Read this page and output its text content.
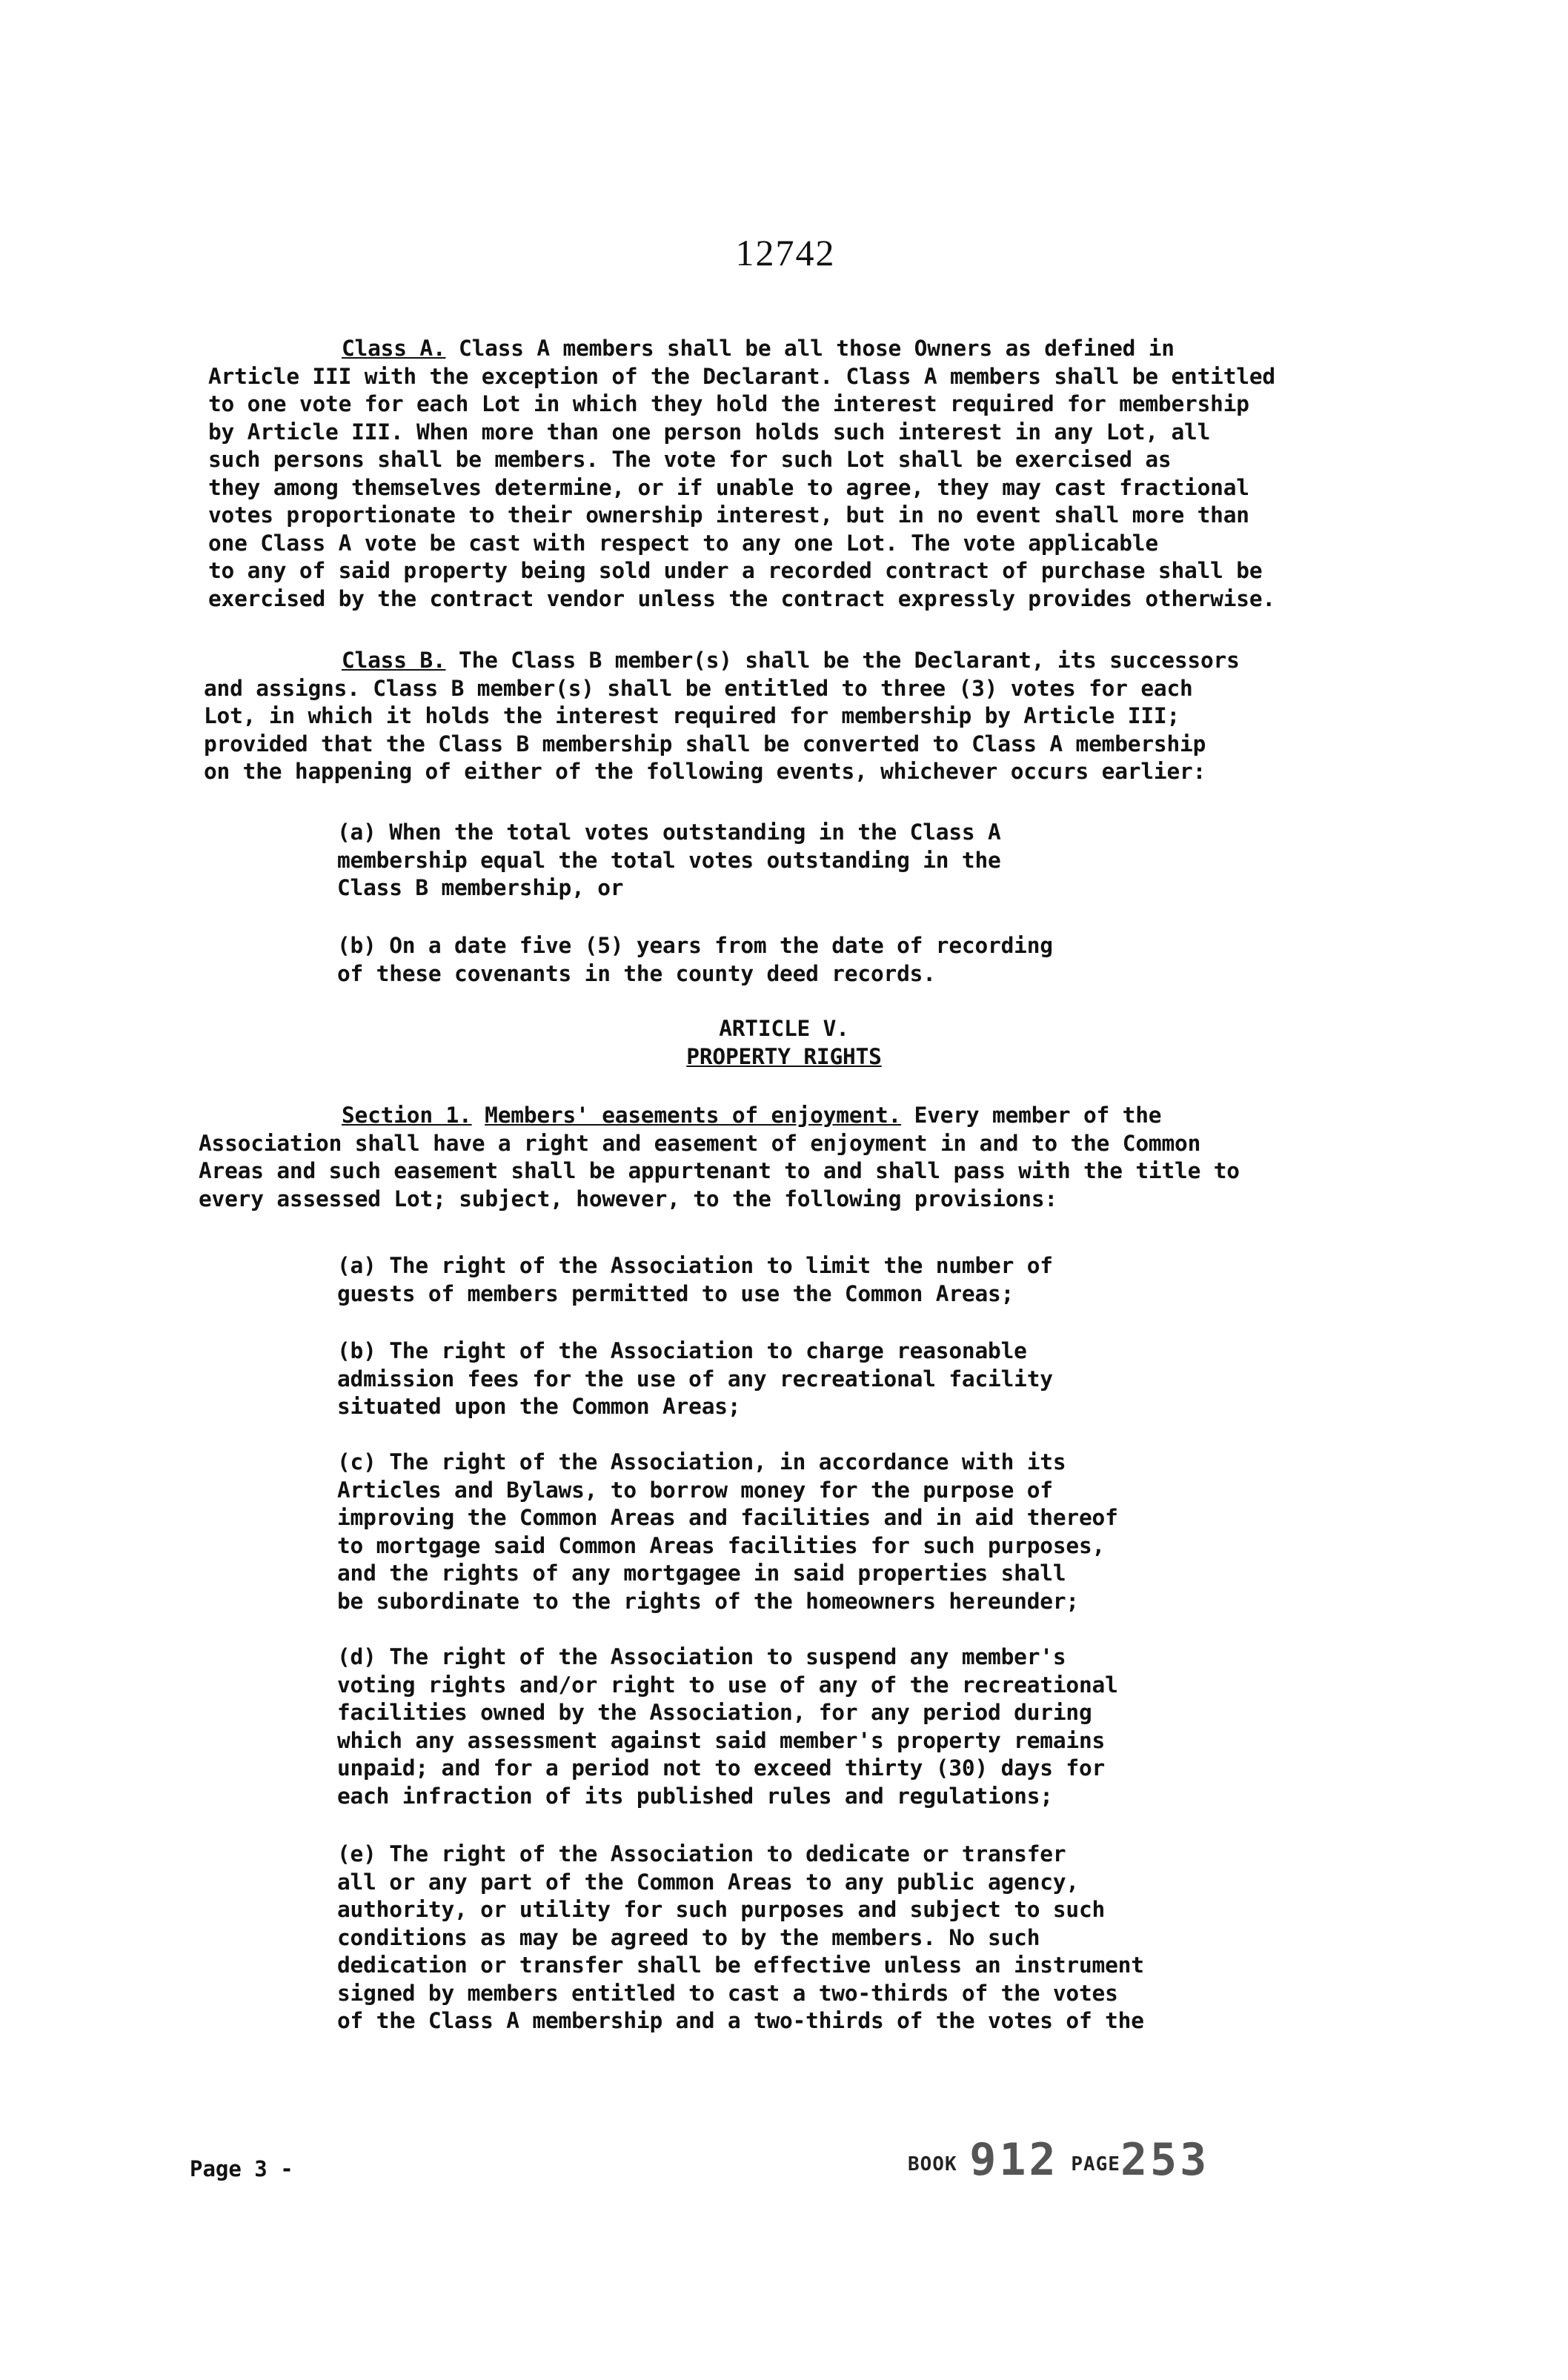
12742

Class A. Class A members shall be all those Owners as defined in

Article III with the exception of the Declarant. Class A members shall be entitled

to one vote for each Lot in which they hold the interest required for membership

by Article III. When more than one person holds such interest in any Lot, all

such persons shall be members. The vote for such Lot shall be exercised as

they among themselves determine, or if unable to agree, they may cast fractional

votes proportionate to their ownership interest, but in no event shall more than

one Class A vote be cast with respect to any one Lot. The vote applicable

to any of said property being sold under a recorded contract of purchase shall be

exercised by the contract vendor unless the contract expressly provides otherwise.

Class B. The Class B member(s) shall be the Declarant, its successors

and assigns. Class B member(s) shall be entitled to three (3) votes for each

Lot, in which it holds the interest required for membership by Article III;

provided that the Class B membership shall be converted to Class A membership

on the happening of either of the following events, whichever occurs earlier:

(a) When the total votes outstanding in the Class A

membership equal the total votes outstanding in the

Class B membership, or

(b) On a date five (5) years from the date of recording

of these covenants in the county deed records.

ARTICLE V.

PROPERTY RIGHTS

Section 1. Members' easements of enjoyment. Every member of the

Association shall have a right and easement of enjoyment in and to the Common

Areas and such easement shall be appurtenant to and shall pass with the title to

every assessed Lot; subject, however, to the following provisions:

(a) The right of the Association to limit the number of

guests of members permitted to use the Common Areas;

(b) The right of the Association to charge reasonable

admission fees for the use of any recreational facility

situated upon the Common Areas;

(c) The right of the Association, in accordance with its

Articles and Bylaws, to borrow money for the purpose of

improving the Common Areas and facilities and in aid thereof

to mortgage said Common Areas facilities for such purposes,

and the rights of any mortgagee in said properties shall

be subordinate to the rights of the homeowners hereunder;

(d) The right of the Association to suspend any member's

voting rights and/or right to use of any of the recreational

facilities owned by the Association, for any period during

which any assessment against said member's property remains

unpaid; and for a period not to exceed thirty (30) days for

each infraction of its published rules and regulations;

(e) The right of the Association to dedicate or transfer

all or any part of the Common Areas to any public agency,

authority, or utility for such purposes and subject to such

conditions as may be agreed to by the members. No such

dedication or transfer shall be effective unless an instrument

signed by members entitled to cast a two-thirds of the votes

of the Class A membership and a two-thirds of the votes of the

Page 3 -	BOOK 912 PAGE253
